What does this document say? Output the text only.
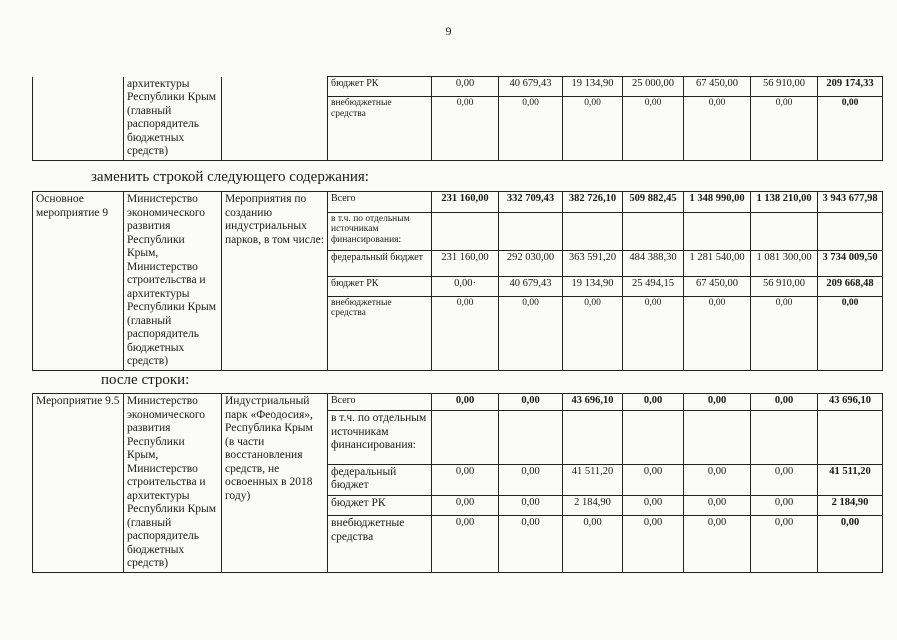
9
	архитектуры Республики Крым (главный распорядитель бюджетных средств)		бюджет РК	0,00	40 679,43	19 134,90	25 000,00	67 450,00	56 910,00	209 174,33
			внебюджетные средства	0,00	0,00	0,00	0,00	0,00	0,00	0,00
заменить строкой следующего содержания:
Основное мероприятие 9	Министерство экономического развития Республики Крым, Министерство строительства и архитектуры Республики Крым (главный распорядитель бюджетных средств)	Мероприятия по созданию индустриальных парков, в том числе:	Всего	231 160,00	332 709,43	382 726,10	509 882,45	1 348 990,00	1 138 210,00	3 943 677,98
			в т.ч. по отдельным источникам финансирования:							
			федеральный бюджет	231 160,00	292 030,00	363 591,20	484 388,30	1 281 540,00	1 081 300,00	3 734 009,50
			бюджет РК	0,00·	40 679,43	19 134,90	25 494,15	67 450,00	56 910,00	209 668,48
			внебюджетные средства	0,00	0,00	0,00	0,00	0,00	0,00	0,00
после строки:
Мероприятие 9.5	Министерство экономического развития Республики Крым, Министерство строительства и архитектуры Республики Крым (главный распорядитель бюджетных средств)	Индустриальный парк «Феодосия», Республика Крым (в части восстановления средств, не освоенных в 2018 году)	Всего	0,00	0,00	43 696,10	0,00	0,00	0,00	43 696,10
			в т.ч. по отдельным источникам финансирования:							
			федеральный бюджет	0,00	0,00	41 511,20	0,00	0,00	0,00	41 511,20
			бюджет РК	0,00	0,00	2 184,90	0,00	0,00	0,00	2 184,90
			внебюджетные средства	0,00	0,00	0,00	0,00	0,00	0,00	0,00
